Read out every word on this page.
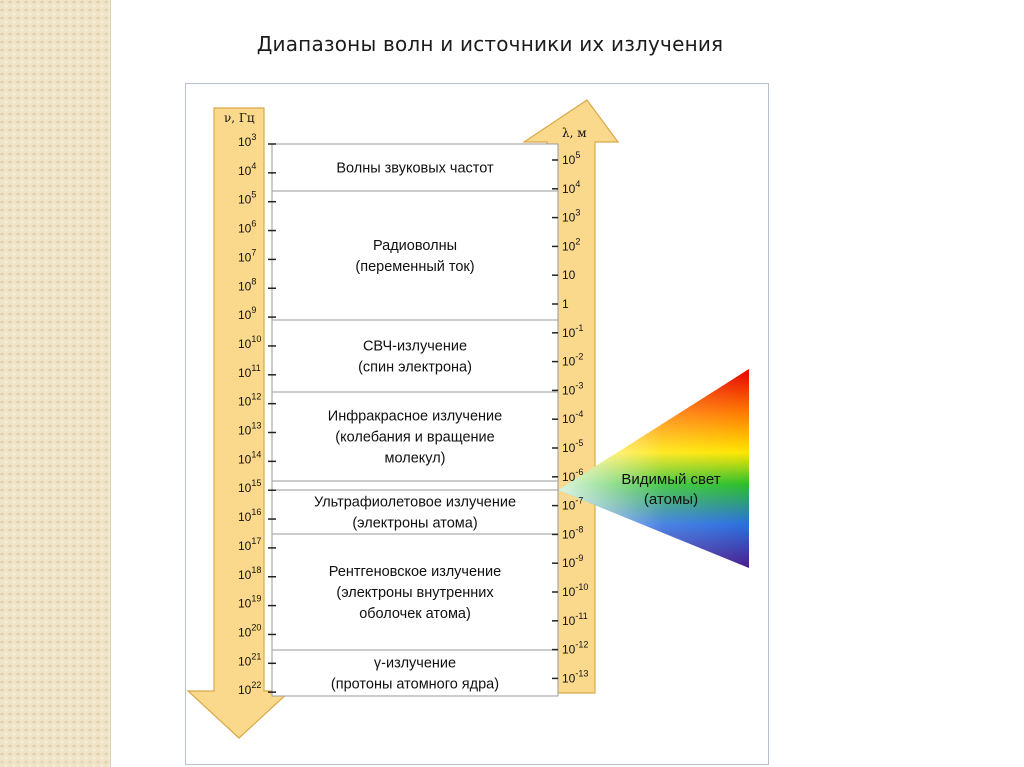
Диапазоны волн и источники их излучения
Волны звуковых частот
Радиоволны
(переменный ток)
СВЧ-излучение
(спин электрона)
Инфракрасное излучение
(колебания и вращение
молекул)
Ультрафиолетовое излучение
(электроны атома)
Рентгеновское излучение
(электроны внутренних
оболочек атома)
γ-излучение
(протоны атомного ядра)
$10^3$
$10^4$
$10^5$
$10^6$
$10^7$
$10^8$
$10^9$
$10^{10}$
$10^{11}$
$10^{12}$
$10^{13}$
$10^{14}$
$10^{15}$
$10^{16}$
$10^{17}$
$10^{18}$
$10^{19}$
$10^{20}$
$10^{21}$
$10^{22}$
$10^5$
$10^4$
$10^3$
$10^2$
10
1
$10^{-1}$
$10^{-2}$
$10^{-3}$
$10^{-4}$
$10^{-5}$
$10^{-6}$
$10^{-7}$
$10^{-8}$
$10^{-9}$
$10^{-10}$
$10^{-11}$
$10^{-12}$
$10^{-13}$
ν, Гц
λ, м
Видимый свет
(атомы)
